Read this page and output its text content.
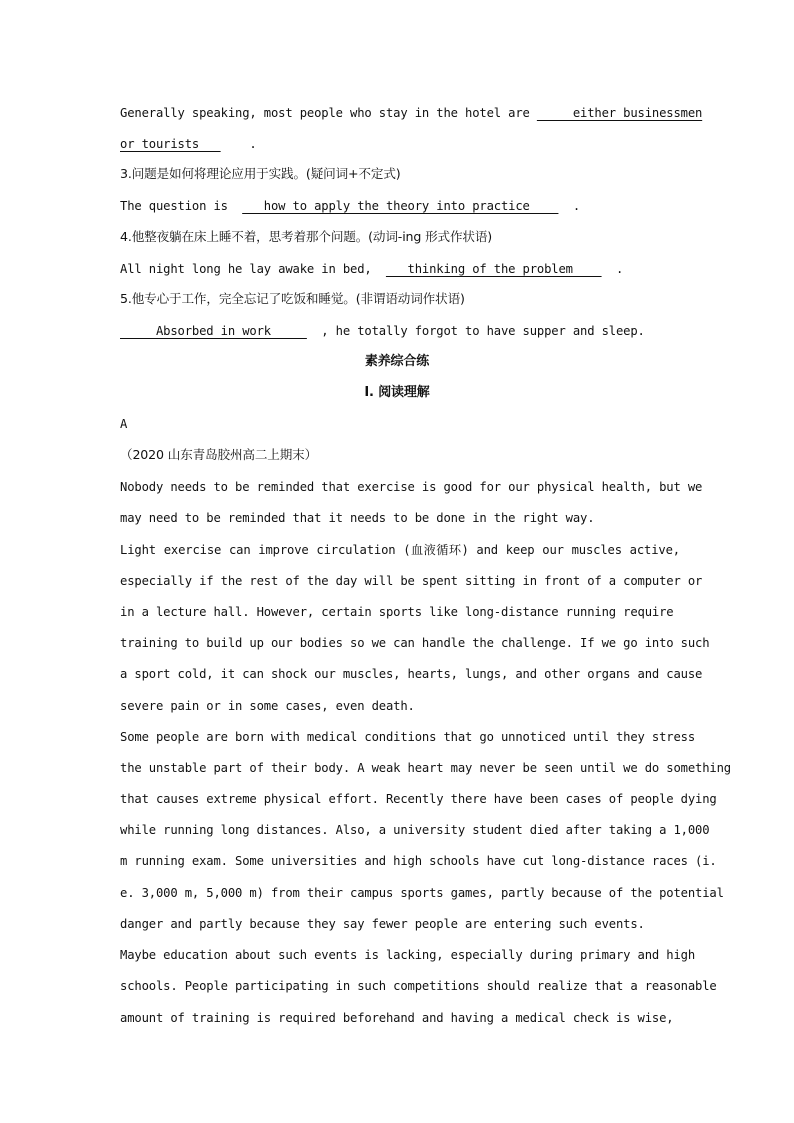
Generally speaking, most people who stay in the hotel are      either businessmen
or tourists       .
3.问题是如何将理论应用于实践。(疑问词+不定式)
The question is     how to apply the theory into practice      .
4.他整夜躺在床上睡不着，思考着那个问题。(动词-ing 形式作状语)
All night long he lay awake in bed,     thinking of the problem      .
5.他专心于工作，完全忘记了吃饭和睡觉。(非谓语动词作状语)
Absorbed in work       , he totally forgot to have supper and sleep.
素养综合练
Ⅰ. 阅读理解
A
（2020 山东青岛胶州高二上期末）
Nobody needs to be reminded that exercise is good for our physical health, but we
may need to be reminded that it needs to be done in the right way.
Light exercise can improve circulation (血液循环) and keep our muscles active,
especially if the rest of the day will be spent sitting in front of a computer or
in a lecture hall. However, certain sports like long-distance running require
training to build up our bodies so we can handle the challenge. If we go into such
a sport cold, it can shock our muscles, hearts, lungs, and other organs and cause
severe pain or in some cases, even death.
Some people are born with medical conditions that go unnoticed until they stress
the unstable part of their body. A weak heart may never be seen until we do something
that causes extreme physical effort. Recently there have been cases of people dying
while running long distances. Also, a university student died after taking a 1,000
m running exam. Some universities and high schools have cut long-distance races (i.
e. 3,000 m, 5,000 m) from their campus sports games, partly because of the potential
danger and partly because they say fewer people are entering such events.
Maybe education about such events is lacking, especially during primary and high
schools. People participating in such competitions should realize that a reasonable
amount of training is required beforehand and having a medical check is wise,
